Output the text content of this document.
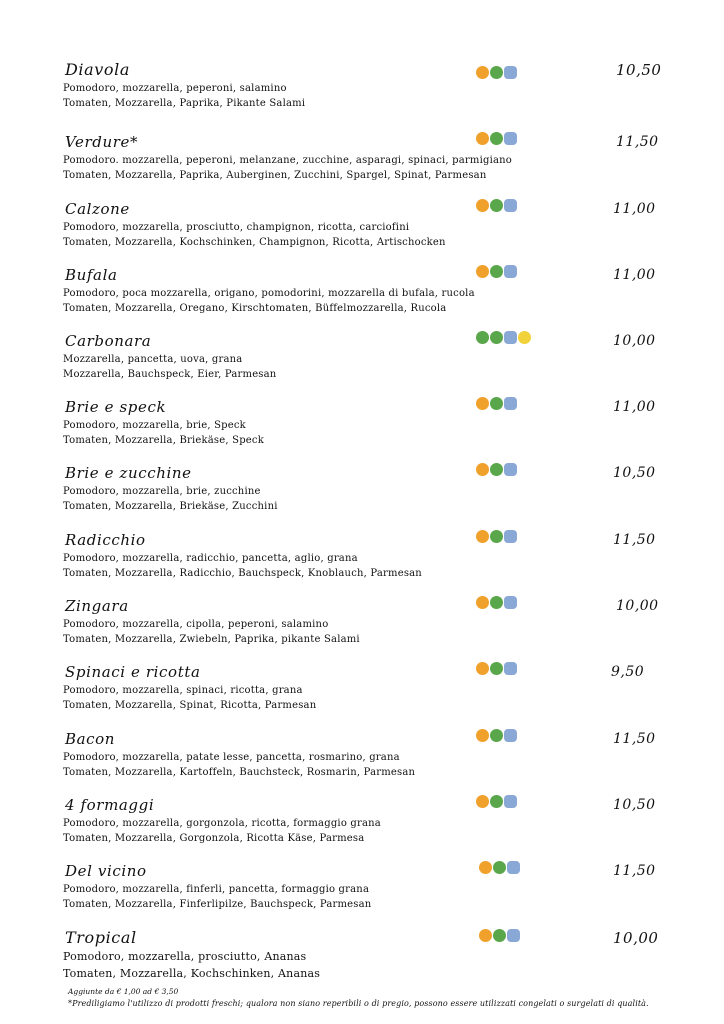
Diavola
Pomodoro, mozzarella, peperoni, salamino
Tomaten, Mozzarella, Paprika, Pikante Salami
10,50
Verdure*
Pomodoro. mozzarella, peperoni, melanzane, zucchine, asparagi, spinaci, parmigiano
Tomaten, Mozzarella, Paprika, Auberginen, Zucchini, Spargel, Spinat, Parmesan
11,50
Calzone
Pomodoro, mozzarella, prosciutto, champignon, ricotta, carciofini
Tomaten, Mozzarella, Kochschinken, Champignon, Ricotta, Artischocken
11,00
Bufala
Pomodoro, poca mozzarella, origano, pomodorini, mozzarella di bufala, rucola
Tomaten, Mozzarella, Oregano, Kirschtomaten, Büffelmozzarella, Rucola
11,00
Carbonara
Mozzarella, pancetta, uova, grana
Mozzarella, Bauchspeck, Eier, Parmesan
10,00
Brie e speck
Pomodoro, mozzarella, brie, Speck
Tomaten, Mozzarella, Briekäse, Speck
11,00
Brie e zucchine
Pomodoro, mozzarella, brie, zucchine
Tomaten, Mozzarella, Briekäse, Zucchini
10,50
Radicchio
Pomodoro, mozzarella, radicchio, pancetta, aglio, grana
Tomaten, Mozzarella, Radicchio, Bauchspeck, Knoblauch, Parmesan
11,50
Zingara
Pomodoro, mozzarella, cipolla, peperoni, salamino
Tomaten, Mozzarella, Zwiebeln, Paprika, pikante Salami
10,00
Spinaci e ricotta
Pomodoro, mozzarella, spinaci, ricotta, grana
Tomaten, Mozzarella, Spinat, Ricotta, Parmesan
9,50
Bacon
Pomodoro, mozzarella, patate lesse, pancetta, rosmarino, grana
Tomaten, Mozzarella, Kartoffeln, Bauchsteck, Rosmarin, Parmesan
11,50
4 formaggi
Pomodoro, mozzarella, gorgonzola, ricotta, formaggio grana
Tomaten, Mozzarella, Gorgonzola, Ricotta Käse, Parmesa
10,50
Del vicino
Pomodoro, mozzarella, finferli, pancetta, formaggio grana
Tomaten, Mozzarella, Finferlipilze, Bauchspeck, Parmesan
11,50
Tropical
Pomodoro, mozzarella, prosciutto, Ananas
Tomaten, Mozzarella, Kochschinken, Ananas
10,00
Aggiunte da € 1,00 ad € 3,50
*Prediligiamo l'utilizzo di prodotti freschi; qualora non siano reperibili o di pregio, possono essere utilizzati congelati o surgelati di qualità.
